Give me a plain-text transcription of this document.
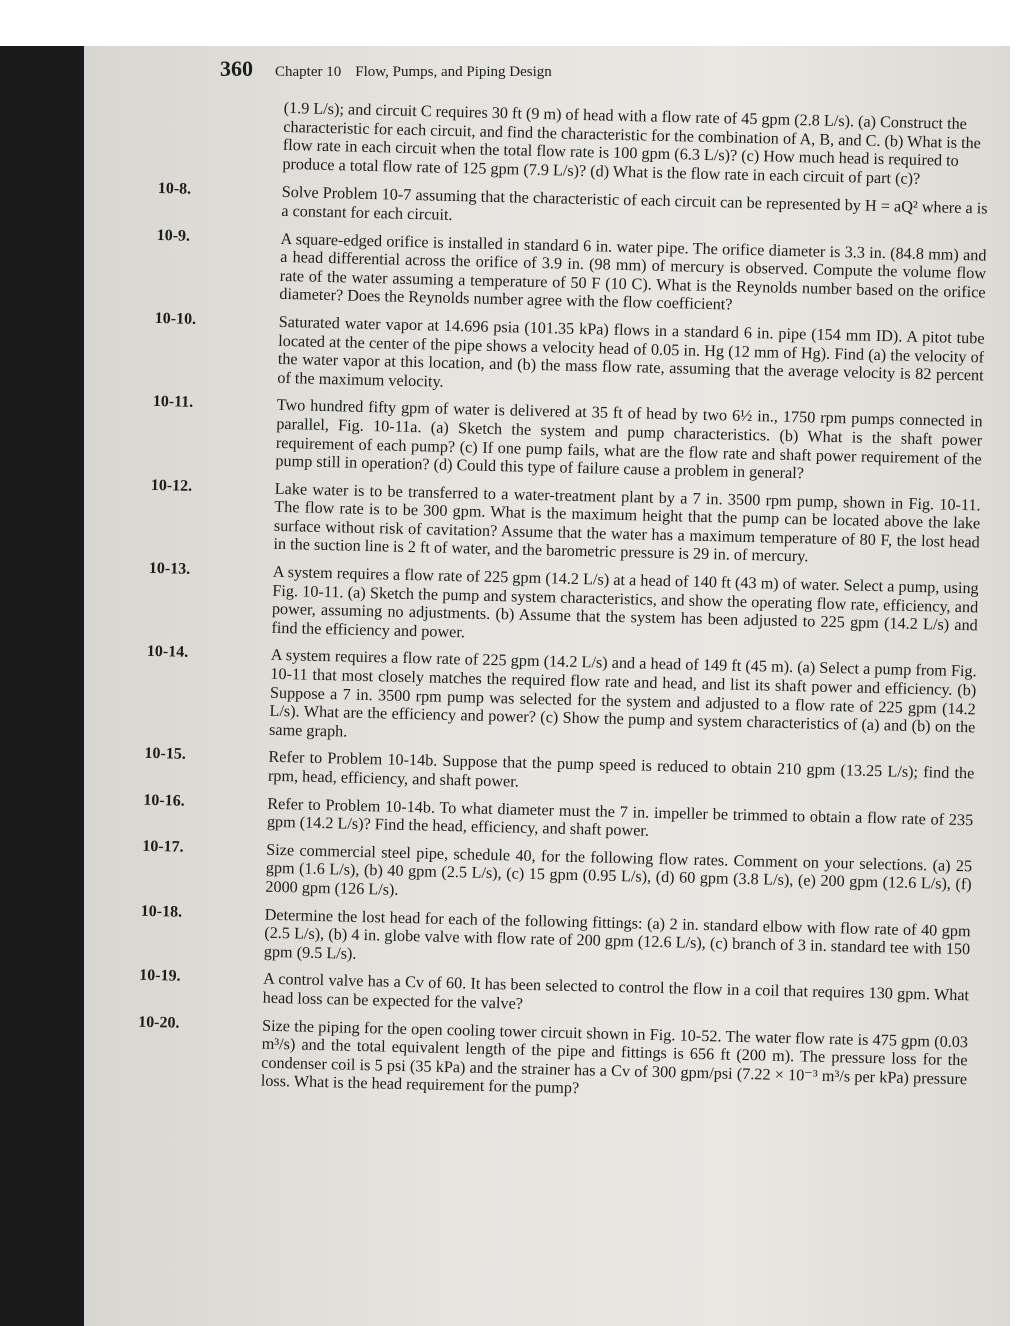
360 Chapter 10 Flow, Pumps, and Piping Design
(1.9 L/s); and circuit C requires 30 ft (9 m) of head with a flow rate of 45 gpm (2.8 L/s). (a) Construct the characteristic for each circuit, and find the characteristic for the combination of A, B, and C. (b) What is the flow rate in each circuit when the total flow rate is 100 gpm (6.3 L/s)? (c) How much head is required to produce a total flow rate of 125 gpm (7.9 L/s)? (d) What is the flow rate in each circuit of part (c)?
10-8.	Solve Problem 10-7 assuming that the characteristic of each circuit can be represented by H = aQ² where a is a constant for each circuit.
10-9.	A square-edged orifice is installed in standard 6 in. water pipe. The orifice diameter is 3.3 in. (84.8 mm) and a head differential across the orifice of 3.9 in. (98 mm) of mercury is observed. Compute the volume flow rate of the water assuming a temperature of 50 F (10 C). What is the Reynolds number based on the orifice diameter? Does the Reynolds number agree with the flow coefficient?
10-10.	Saturated water vapor at 14.696 psia (101.35 kPa) flows in a standard 6 in. pipe (154 mm ID). A pitot tube located at the center of the pipe shows a velocity head of 0.05 in. Hg (12 mm of Hg). Find (a) the velocity of the water vapor at this location, and (b) the mass flow rate, assuming that the average velocity is 82 percent of the maximum velocity.
10-11.	Two hundred fifty gpm of water is delivered at 35 ft of head by two 6½ in., 1750 rpm pumps connected in parallel, Fig. 10-11a. (a) Sketch the system and pump characteristics. (b) What is the shaft power requirement of each pump? (c) If one pump fails, what are the flow rate and shaft power requirement of the pump still in operation? (d) Could this type of failure cause a problem in general?
10-12.	Lake water is to be transferred to a water-treatment plant by a 7 in. 3500 rpm pump, shown in Fig. 10-11. The flow rate is to be 300 gpm. What is the maximum height that the pump can be located above the lake surface without risk of cavitation? Assume that the water has a maximum temperature of 80 F, the lost head in the suction line is 2 ft of water, and the barometric pressure is 29 in. of mercury.
10-13.	A system requires a flow rate of 225 gpm (14.2 L/s) at a head of 140 ft (43 m) of water. Select a pump, using Fig. 10-11. (a) Sketch the pump and system characteristics, and show the operating flow rate, efficiency, and power, assuming no adjustments. (b) Assume that the system has been adjusted to 225 gpm (14.2 L/s) and find the efficiency and power.
10-14.	A system requires a flow rate of 225 gpm (14.2 L/s) and a head of 149 ft (45 m). (a) Select a pump from Fig. 10-11 that most closely matches the required flow rate and head, and list its shaft power and efficiency. (b) Suppose a 7 in. 3500 rpm pump was selected for the system and adjusted to a flow rate of 225 gpm (14.2 L/s). What are the efficiency and power? (c) Show the pump and system characteristics of (a) and (b) on the same graph.
10-15.	Refer to Problem 10-14b. Suppose that the pump speed is reduced to obtain 210 gpm (13.25 L/s); find the rpm, head, efficiency, and shaft power.
10-16.	Refer to Problem 10-14b. To what diameter must the 7 in. impeller be trimmed to obtain a flow rate of 235 gpm (14.2 L/s)? Find the head, efficiency, and shaft power.
10-17.	Size commercial steel pipe, schedule 40, for the following flow rates. Comment on your selections. (a) 25 gpm (1.6 L/s), (b) 40 gpm (2.5 L/s), (c) 15 gpm (0.95 L/s), (d) 60 gpm (3.8 L/s), (e) 200 gpm (12.6 L/s), (f) 2000 gpm (126 L/s).
10-18.	Determine the lost head for each of the following fittings: (a) 2 in. standard elbow with flow rate of 40 gpm (2.5 L/s), (b) 4 in. globe valve with flow rate of 200 gpm (12.6 L/s), (c) branch of 3 in. standard tee with 150 gpm (9.5 L/s).
10-19.	A control valve has a Cv of 60. It has been selected to control the flow in a coil that requires 130 gpm. What head loss can be expected for the valve?
10-20.	Size the piping for the open cooling tower circuit shown in Fig. 10-52. The water flow rate is 475 gpm (0.03 m³/s) and the total equivalent length of the pipe and fittings is 656 ft (200 m). The pressure loss for the condenser coil is 5 psi (35 kPa) and the strainer has a Cv of 300 gpm/psi (7.22 × 10⁻³ m³/s per kPa) pressure loss. What is the head requirement for the pump?
